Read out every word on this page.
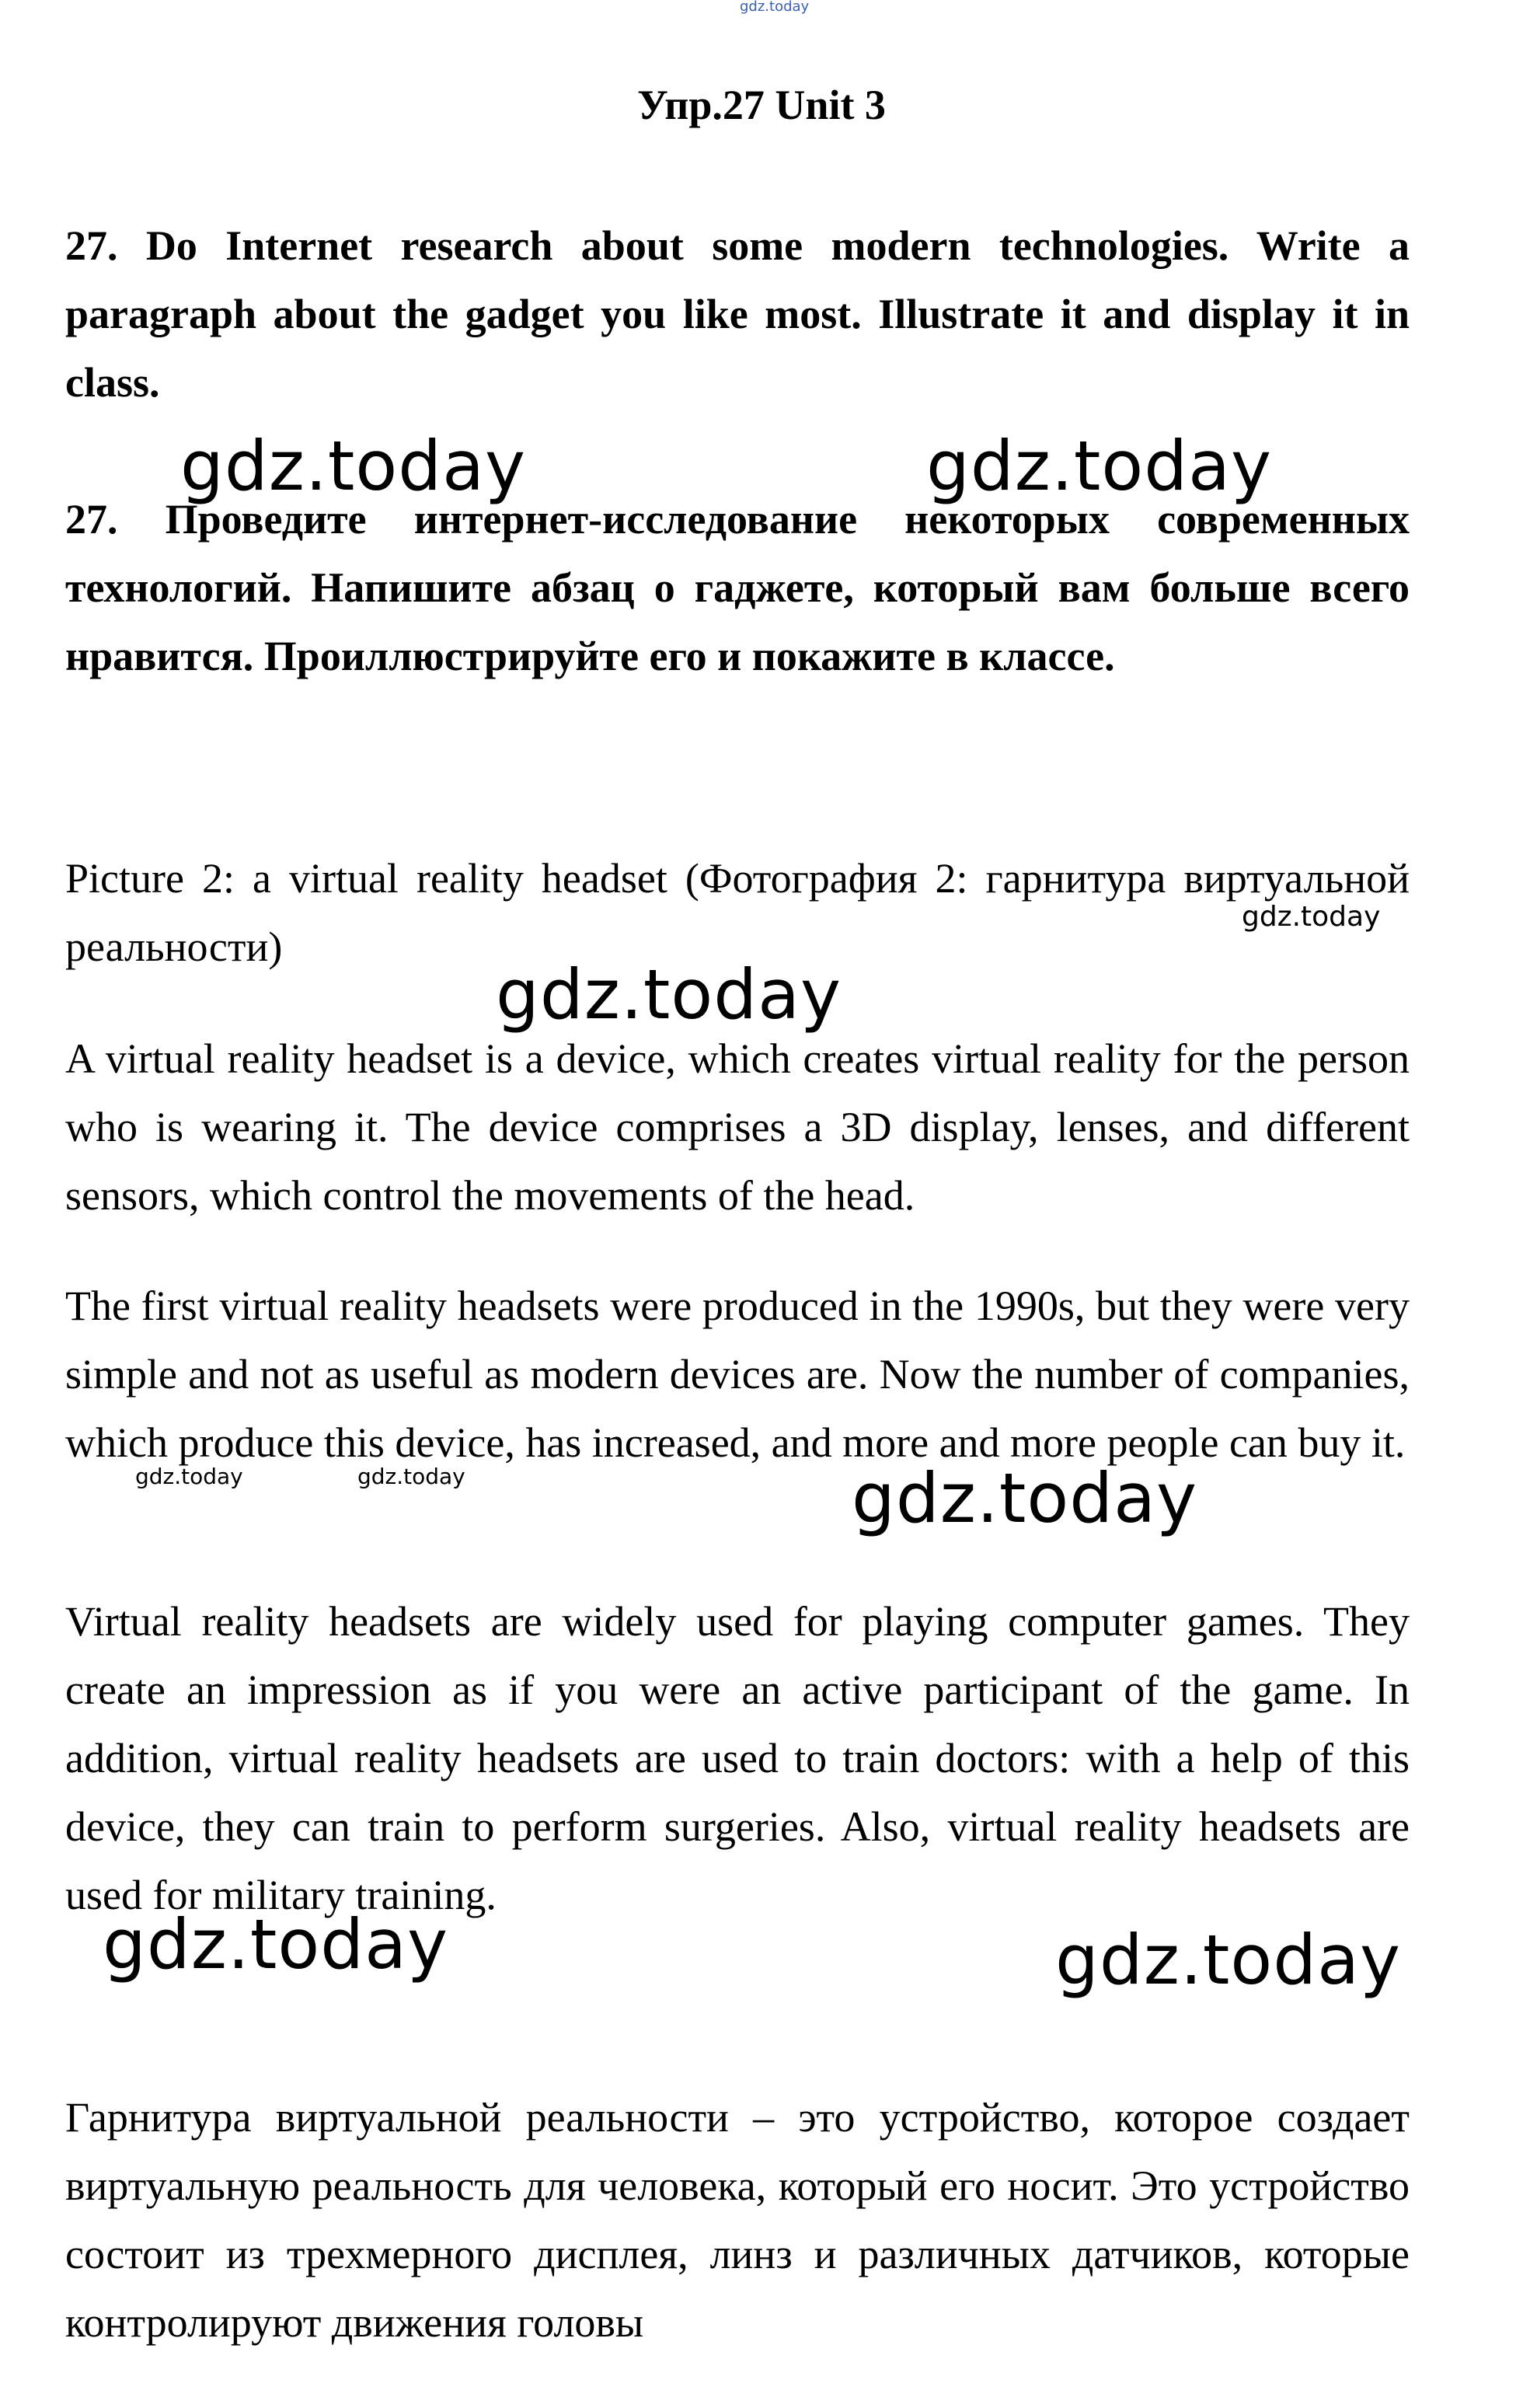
gdz.today
Упр.27 Unit 3

27. Do Internet research about some modern technologies. Write a paragraph about the gadget you like most. Illustrate it and display it in class.

gdz.today	gdz.today

27. Проведите интернет-исследование некоторых современных технологий. Напишите абзац о гаджете, который вам больше всего нравится. Проиллюстрируйте его и покажите в классе.

Picture 2: a virtual reality headset (Фотография 2: гарнитура виртуальной реальности)

gdz.today
gdz.today

A virtual reality headset is a device, which creates virtual reality for the person who is wearing it. The device comprises a 3D display, lenses, and different sensors, which control the movements of the head.

The first virtual reality headsets were produced in the 1990s, but they were very simple and not as useful as modern devices are. Now the number of companies, which produce this device, has increased, and more and more people can buy it.

gdz.today	gdz.today	gdz.today

Virtual reality headsets are widely used for playing computer games. They create an impression as if you were an active participant of the game. In addition, virtual reality headsets are used to train doctors: with a help of this device, they can train to perform surgeries. Also, virtual reality headsets are used for military training.

gdz.today	gdz.today

Гарнитура виртуальной реальности – это устройство, которое создает виртуальную реальность для человека, который его носит. Это устройство состоит из трехмерного дисплея, линз и различных датчиков, которые контролируют движения головы
